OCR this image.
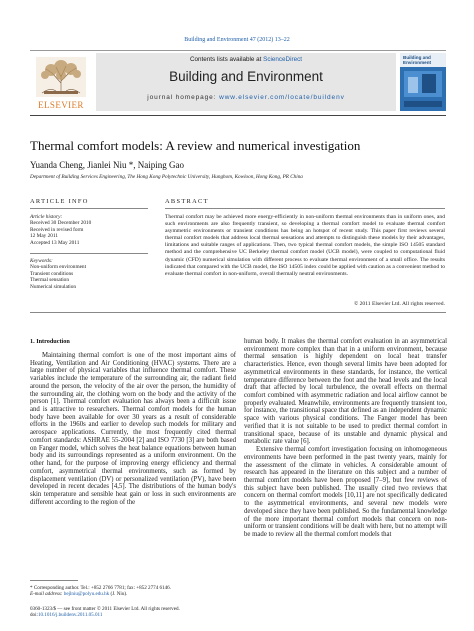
Building and Environment 47 (2012) 13–22
ELSEVIER
Contents lists available at ScienceDirect
Building and Environment
journal homepage: www.elsevier.com/locate/buildenv
Building and
Environment
Thermal comfort models: A review and numerical investigation
Yuanda Cheng, Jianlei Niu *, Naiping Gao
Department of Building Services Engineering, The Hong Kong Polytechnic University, Hunghom, Kowloon, Hong Kong, PR China
ARTICLE INFO	ABSTRACT
Article history:
Received 30 December 2010
Received in revised form
12 May 2011
Accepted 13 May 2011
Keywords:
Non-uniform environment
Transient conditions
Thermal sensation
Numerical simulation
Thermal comfort may be achieved more energy-efficiently in non-uniform thermal environments than in uniform ones, and such environments are also frequently transient, so developing a thermal comfort model to evaluate thermal comfort asymmetric environments or transient conditions has being an hotspot of recent study. This paper first reviews several thermal comfort models that address local thermal sensations and attempts to distinguish these models by their advantages, limitations and suitable ranges of applications. Then, two typical thermal comfort models, the simple ISO 14505 standard method and the comprehensive UC Berkeley thermal comfort model (UCB model), were coupled to computational fluid dynamic (CFD) numerical simulation with different process to evaluate thermal environment of a small office. The results indicated that compared with the UCB model, the ISO 14505 index could be applied with caution as a convenient method to evaluate thermal comfort in non-uniform, overall thermally neutral environments.
© 2011 Elsevier Ltd. All rights reserved.
1. Introduction

Maintaining thermal comfort is one of the most important aims of Heating, Ventilation and Air Conditioning (HVAC) systems. There are a large number of physical variables that influence thermal comfort. These variables include the temperature of the surrounding air, the radiant field around the person, the velocity of the air over the person, the humidity of the surrounding air, the clothing worn on the body and the activity of the person [1]. Thermal comfort evaluation has always been a difficult issue and is attractive to researchers. Thermal comfort models for the human body have been available for over 30 years as a result of considerable efforts in the 1960s and earlier to develop such models for military and aerospace applications. Currently, the most frequently cited thermal comfort standards: ASHRAE 55-2004 [2] and ISO 7730 [3] are both based on Fanger model, which solves the heat balance equations between human body and its surroundings represented as a uniform environment. On the other hand, for the purpose of improving energy efficiency and thermal comfort, asymmetrical thermal environments, such as formed by displacement ventilation (DV) or personalized ventilation (PV), have been developed in recent decades [4,5]. The distributions of the human body's skin temperature and sensible heat gain or loss in such environments are different according to the region of the

human body. It makes the thermal comfort evaluation in an asymmetrical environment more complex than that in a uniform environment, because thermal sensation is highly dependent on local heat transfer characteristics. Hence, even though several limits have been adopted for asymmetrical environments in these standards, for instance, the vertical temperature difference between the foot and the head levels and the local draft that affected by local turbulence, the overall effects on thermal comfort combined with asymmetric radiation and local airflow cannot be properly evaluated. Meanwhile, environments are frequently transient too, for instance, the transitional space that defined as an independent dynamic space with various physical conditions. The Fanger model has been verified that it is not suitable to be used to predict thermal comfort in transitional space, because of its unstable and dynamic physical and metabolic rate value [6].

Extensive thermal comfort investigation focusing on inhomogeneous environments have been performed in the past twenty years, mainly for the assessment of the climate in vehicles. A considerable amount of research has appeared in the literature on this subject and a number of thermal comfort models have been proposed [7–9], but few reviews of this subject have been published. The usually cited two reviews that concern on thermal comfort models [10,11] are not specifically dedicated to the asymmetrical environments, and several new models were developed since they have been published. So the fundamental knowledge of the more important thermal comfort models that concern on non-uniform or transient conditions will be dealt with here, but no attempt will be made to review all the thermal comfort models that

* Corresponding author. Tel.: +852 2766 7781; fax: +852 2774 6146.
E-mail address: bejlniu@polyu.edu.hk (J. Niu).
0360-1323/$ — see front matter © 2011 Elsevier Ltd. All rights reserved.
doi:10.1016/j.buildenv.2011.05.011
